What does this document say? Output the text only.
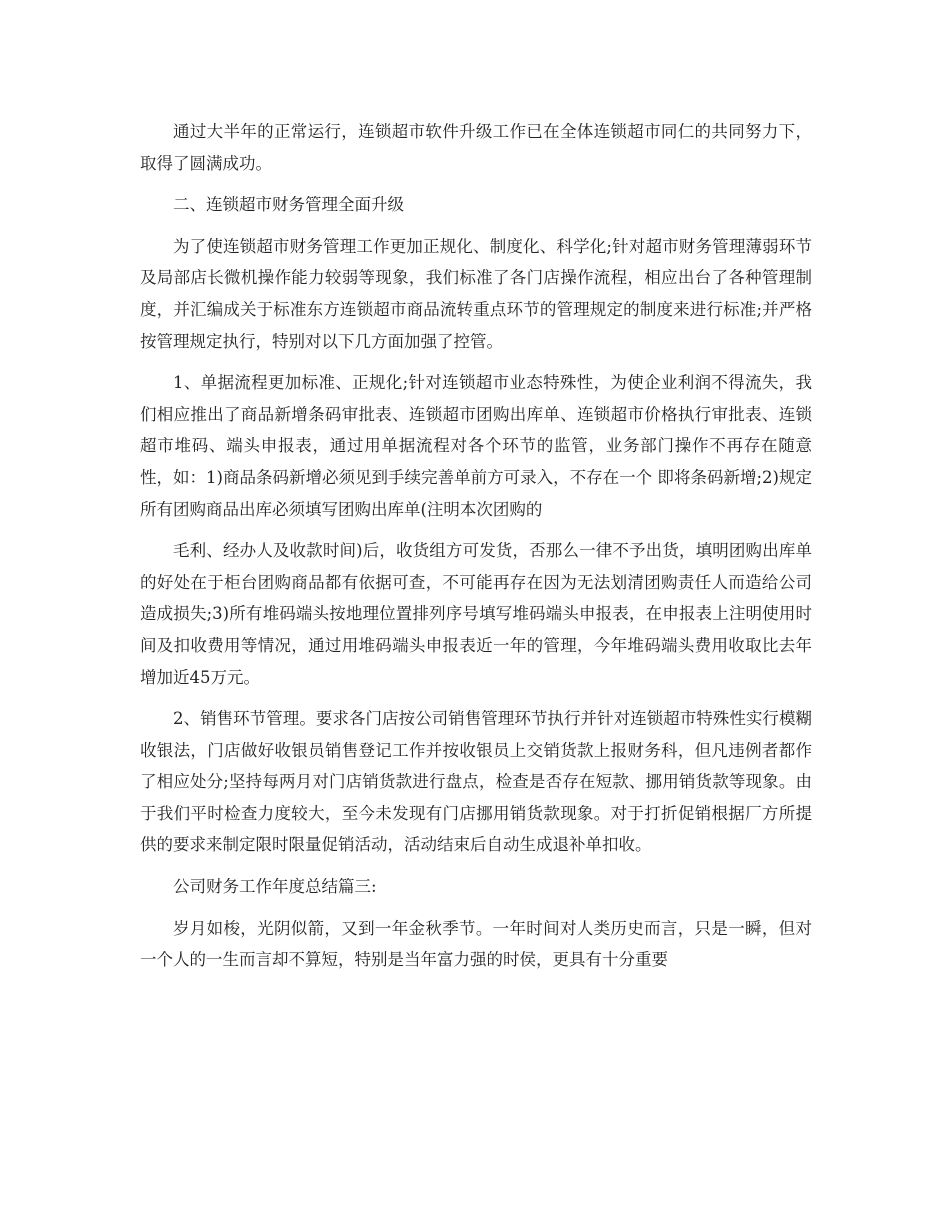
通过大半年的正常运行，连锁超市软件升级工作已在全体连锁超市同仁的共同努力下，取得了圆满成功。

二、连锁超市财务管理全面升级

为了使连锁超市财务管理工作更加正规化、制度化、科学化;针对超市财务管理薄弱环节及局部店长微机操作能力较弱等现象，我们标准了各门店操作流程，相应出台了各种管理制度，并汇编成关于标准东方连锁超市商品流转重点环节的管理规定的制度来进行标准;并严格按管理规定执行，特别对以下几方面加强了控管。

1、单据流程更加标准、正规化;针对连锁超市业态特殊性，为使企业利润不得流失，我们相应推出了商品新增条码审批表、连锁超市团购出库单、连锁超市价格执行审批表、连锁超市堆码、端头申报表，通过用单据流程对各个环节的监管，业务部门操作不再存在随意性，如：1)商品条码新增必须见到手续完善单前方可录入，不存在一个 即将条码新增;2)规定所有团购商品出库必须填写团购出库单(注明本次团购的

毛利、经办人及收款时间)后，收货组方可发货，否那么一律不予出货，填明团购出库单的好处在于柜台团购商品都有依据可查，不可能再存在因为无法划清团购责任人而造给公司造成损失;3)所有堆码端头按地理位置排列序号填写堆码端头申报表，在申报表上注明使用时间及扣收费用等情况，通过用堆码端头申报表近一年的管理，今年堆码端头费用收取比去年增加近45万元。

2、销售环节管理。要求各门店按公司销售管理环节执行并针对连锁超市特殊性实行模糊收银法，门店做好收银员销售登记工作并按收银员上交销货款上报财务科，但凡违例者都作了相应处分;坚持每两月对门店销货款进行盘点，检查是否存在短款、挪用销货款等现象。由于我们平时检查力度较大，至今未发现有门店挪用销货款现象。对于打折促销根据厂方所提供的要求来制定限时限量促销活动，活动结束后自动生成退补单扣收。

公司财务工作年度总结篇三:

岁月如梭，光阴似箭，又到一年金秋季节。一年时间对人类历史而言，只是一瞬，但对一个人的一生而言却不算短，特别是当年富力强的时侯，更具有十分重要
